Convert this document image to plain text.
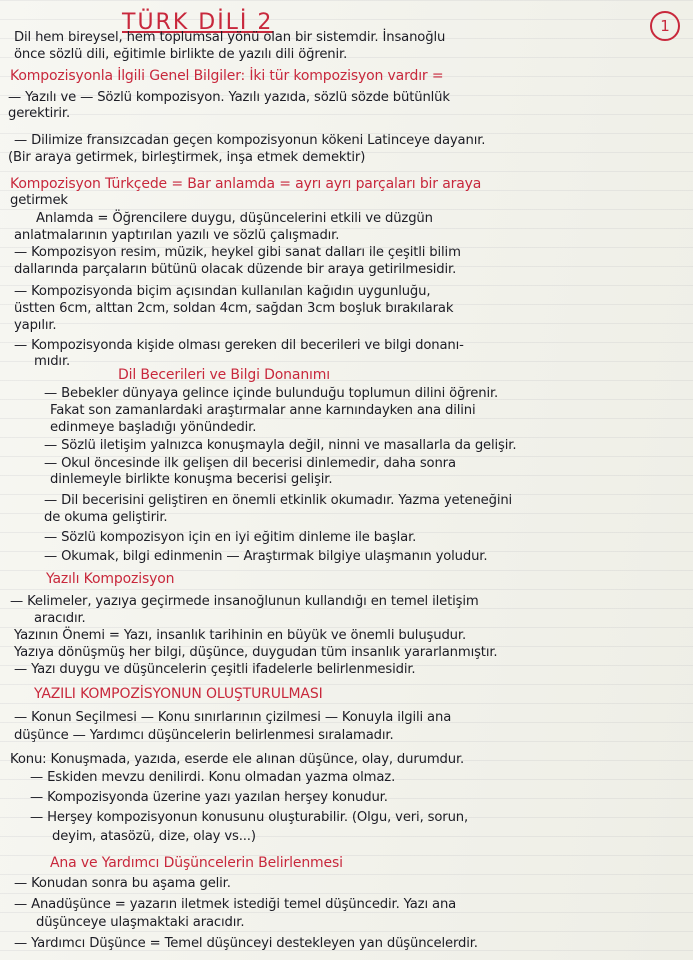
TÜRK DİLİ 2	1
Dil hem bireysel, hem toplumsal yönü olan bir sistemdir. İnsanoğlu
önce sözlü dili, eğitimle birlikte de yazılı dili öğrenir.
Kompozisyonla İlgili Genel Bilgiler: İki tür kompozisyon vardır =
— Yazılı ve — Sözlü kompozisyon. Yazılı yazıda, sözlü sözde bütünlük
gerektirir.
— Dilimize fransızcadan geçen kompozisyonun kökeni Latinceye dayanır.
(Bir araya getirmek, birleştirmek, inşa etmek demektir)
Kompozisyon Türkçede = Bar anlamda = ayrı ayrı parçaları bir araya
getirmek
Anlamda = Öğrencilere duygu, düşüncelerini etkili ve düzgün
anlatmalarının yaptırılan yazılı ve sözlü çalışmadır.
— Kompozisyon resim, müzik, heykel gibi sanat dalları ile çeşitli bilim
dallarında parçaların bütünü olacak düzende bir araya getirilmesidir.
— Kompozisyonda biçim açısından kullanılan kağıdın uygunluğu,
üstten 6cm, alttan 2cm, soldan 4cm, sağdan 3cm boşluk bırakılarak
yapılır.
— Kompozisyonda kişide olması gereken dil becerileri ve bilgi donanı-
mıdır.
Dil Becerileri ve Bilgi Donanımı
— Bebekler dünyaya gelince içinde bulunduğu toplumun dilini öğrenir.
Fakat son zamanlardaki araştırmalar anne karnındayken ana dilini
edinmeye başladığı yönündedir.
— Sözlü iletişim yalnızca konuşmayla değil, ninni ve masallarla da gelişir.
— Okul öncesinde ilk gelişen dil becerisi dinlemedir, daha sonra
dinlemeyle birlikte konuşma becerisi gelişir.
— Dil becerisini geliştiren en önemli etkinlik okumadır. Yazma yeteneğini
de okuma geliştirir.
— Sözlü kompozisyon için en iyi eğitim dinleme ile başlar.
— Okumak, bilgi edinmenin — Araştırmak bilgiye ulaşmanın yoludur.
Yazılı Kompozisyon
— Kelimeler, yazıya geçirmede insanoğlunun kullandığı en temel iletişim
aracıdır.
Yazının Önemi = Yazı, insanlık tarihinin en büyük ve önemli buluşudur.
Yazıya dönüşmüş her bilgi, düşünce, duygudan tüm insanlık yararlanmıştır.
— Yazı duygu ve düşüncelerin çeşitli ifadelerle belirlenmesidir.
YAZILI KOMPOZİSYONUN OLUŞTURULMASI
— Konun Seçilmesi — Konu sınırlarının çizilmesi — Konuyla ilgili ana
düşünce — Yardımcı düşüncelerin belirlenmesi sıralamadır.
Konu: Konuşmada, yazıda, eserde ele alınan düşünce, olay, durumdur.
— Eskiden mevzu denilirdi. Konu olmadan yazma olmaz.
— Kompozisyonda üzerine yazı yazılan herşey konudur.
— Herşey kompozisyonun konusunu oluşturabilir. (Olgu, veri, sorun,
deyim, atasözü, dize, olay vs...)
Ana ve Yardımcı Düşüncelerin Belirlenmesi
— Konudan sonra bu aşama gelir.
— Anadüşünce = yazarın iletmek istediği temel düşüncedir. Yazı ana
düşünceye ulaşmaktaki aracıdır.
— Yardımcı Düşünce = Temel düşünceyi destekleyen yan düşüncelerdir.
